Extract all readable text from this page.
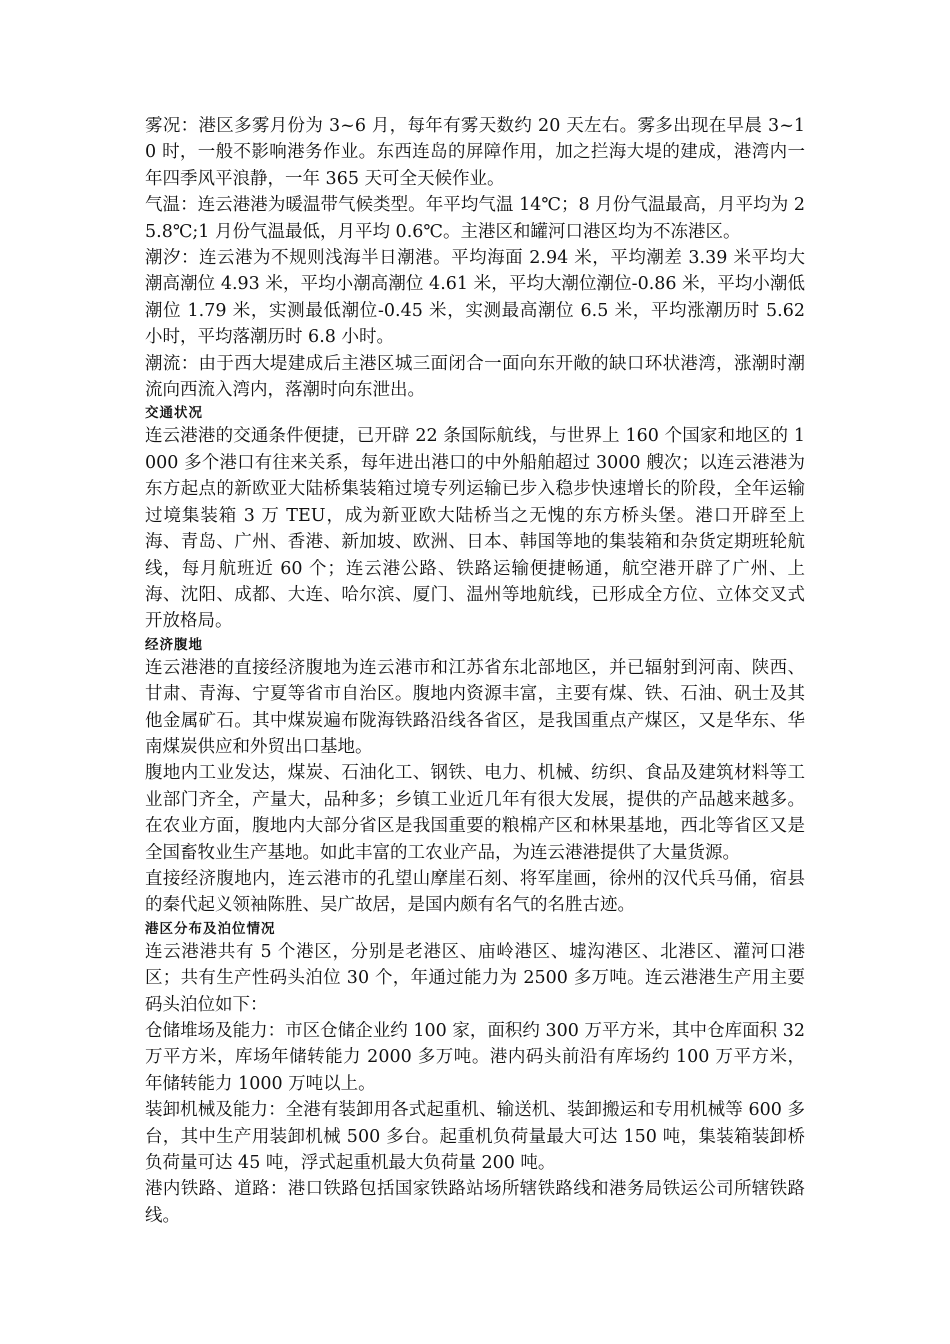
雾况：港区多雾月份为 3~6 月，每年有雾天数约 20 天左右。雾多出现在早晨 3~10 时，一般不影响港务作业。东西连岛的屏障作用，加之拦海大堤的建成，港湾内一年四季风平浪静，一年 365 天可全天候作业。

气温：连云港港为暖温带气候类型。年平均气温 14℃；8 月份气温最高，月平均为 25.8℃;1 月份气温最低，月平均 0.6℃。主港区和罐河口港区均为不冻港区。

潮汐：连云港为不规则浅海半日潮港。平均海面 2.94 米，平均潮差 3.39 米平均大潮高潮位 4.93 米，平均小潮高潮位 4.61 米，平均大潮位潮位-0.86 米，平均小潮低潮位 1.79 米，实测最低潮位-0.45 米，实测最高潮位 6.5 米，平均涨潮历时 5.62 小时，平均落潮历时 6.8 小时。

潮流：由于西大堤建成后主港区城三面闭合一面向东开敞的缺口环状港湾，涨潮时潮流向西流入湾内，落潮时向东泄出。

交通状况

连云港港的交通条件便捷，已开辟 22 条国际航线，与世界上 160 个国家和地区的 1000 多个港口有往来关系，每年进出港口的中外船舶超过 3000 艘次；以连云港港为东方起点的新欧亚大陆桥集装箱过境专列运输已步入稳步快速增长的阶段，全年运输过境集装箱 3 万 TEU，成为新亚欧大陆桥当之无愧的东方桥头堡。港口开辟至上海、青岛、广州、香港、新加坡、欧洲、日本、韩国等地的集装箱和杂货定期班轮航线，每月航班近 60 个；连云港公路、铁路运输便捷畅通，航空港开辟了广州、上海、沈阳、成都、大连、哈尔滨、厦门、温州等地航线，已形成全方位、立体交叉式开放格局。

经济腹地

连云港港的直接经济腹地为连云港市和江苏省东北部地区，并已辐射到河南、陕西、甘肃、青海、宁夏等省市自治区。腹地内资源丰富，主要有煤、铁、石油、矾士及其他金属矿石。其中煤炭遍布陇海铁路沿线各省区，是我国重点产煤区，又是华东、华南煤炭供应和外贸出口基地。

腹地内工业发达，煤炭、石油化工、钢铁、电力、机械、纺织、食品及建筑材料等工业部门齐全，产量大，品种多；乡镇工业近几年有很大发展，提供的产品越来越多。在农业方面，腹地内大部分省区是我国重要的粮棉产区和林果基地，西北等省区又是全国畜牧业生产基地。如此丰富的工农业产品，为连云港港提供了大量货源。

直接经济腹地内，连云港市的孔望山摩崖石刻、将军崖画，徐州的汉代兵马俑，宿县的秦代起义领袖陈胜、吴广故居，是国内颇有名气的名胜古迹。

港区分布及泊位情况

连云港港共有 5 个港区，分别是老港区、庙岭港区、墟沟港区、北港区、灌河口港区；共有生产性码头泊位 30 个，年通过能力为 2500 多万吨。连云港港生产用主要码头泊位如下：

仓储堆场及能力：市区仓储企业约 100 家，面积约 300 万平方米，其中仓库面积 32 万平方米，库场年储转能力 2000 多万吨。港内码头前沿有库场约 100 万平方米，年储转能力 1000 万吨以上。

装卸机械及能力：全港有装卸用各式起重机、输送机、装卸搬运和专用机械等 600 多台，其中生产用装卸机械 500 多台。起重机负荷量最大可达 150 吨，集装箱装卸桥负荷量可达 45 吨，浮式起重机最大负荷量 200 吨。

港内铁路、道路：港口铁路包括国家铁路站场所辖铁路线和港务局铁运公司所辖铁路线。
